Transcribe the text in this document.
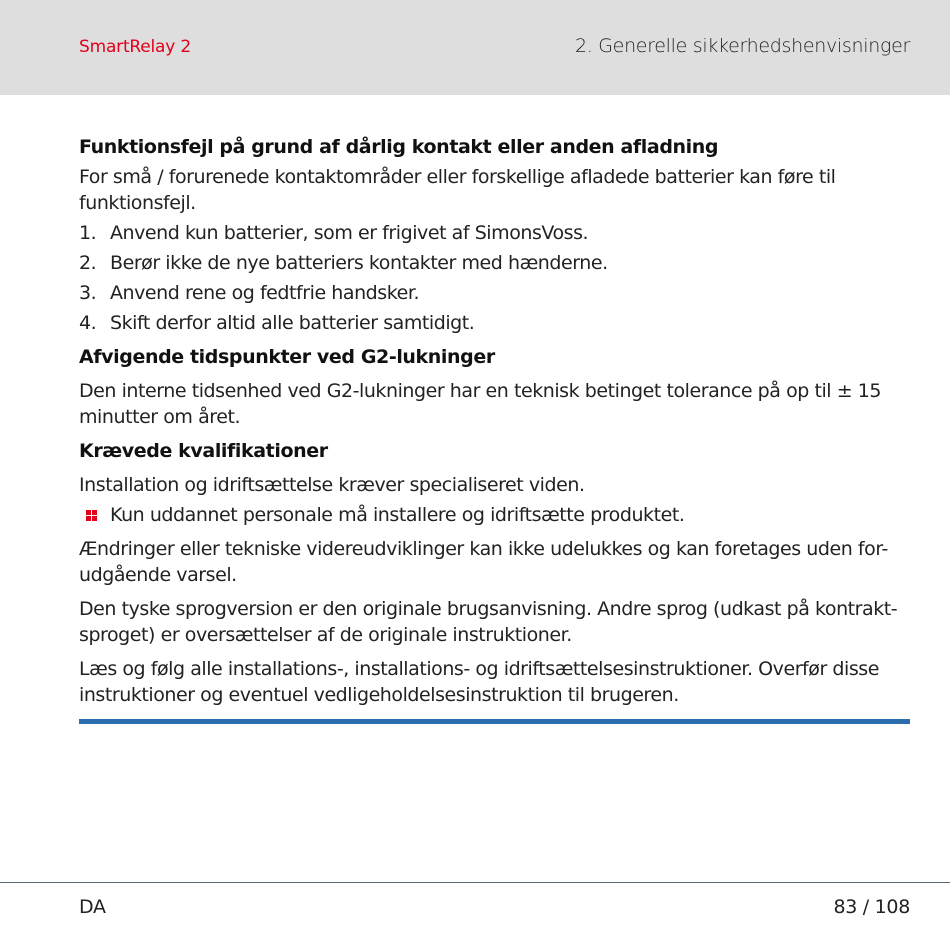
SmartRelay 2	2. Generelle sikkerhedshenvisninger

Funktionsfejl på grund af dårlig kontakt eller anden afladning

For små / forurenede kontaktområder eller forskellige afladede batterier kan føre til funktionsfejl.

1. Anvend kun batterier, som er frigivet af SimonsVoss.
2. Berør ikke de nye batteriers kontakter med hænderne.
3. Anvend rene og fedtfrie handsker.
4. Skift derfor altid alle batterier samtidigt.

Afvigende tidspunkter ved G2-lukninger

Den interne tidsenhed ved G2-lukninger har en teknisk betinget tolerance på op til ± 15 minutter om året.

Krævede kvalifikationer

Installation og idriftsættelse kræver specialiseret viden.

Kun uddannet personale må installere og idriftsætte produktet.

Ændringer eller tekniske videreudviklinger kan ikke udelukkes og kan foretages uden for-udgående varsel.

Den tyske sprogversion er den originale brugsanvisning. Andre sprog (udkast på kontrakt-sproget) er oversættelser af de originale instruktioner.

Læs og følg alle installations-, installations- og idriftsættelsesinstruktioner. Overfør disse instruktioner og eventuel vedligeholdelsesinstruktion til brugeren.

DA	83 / 108
